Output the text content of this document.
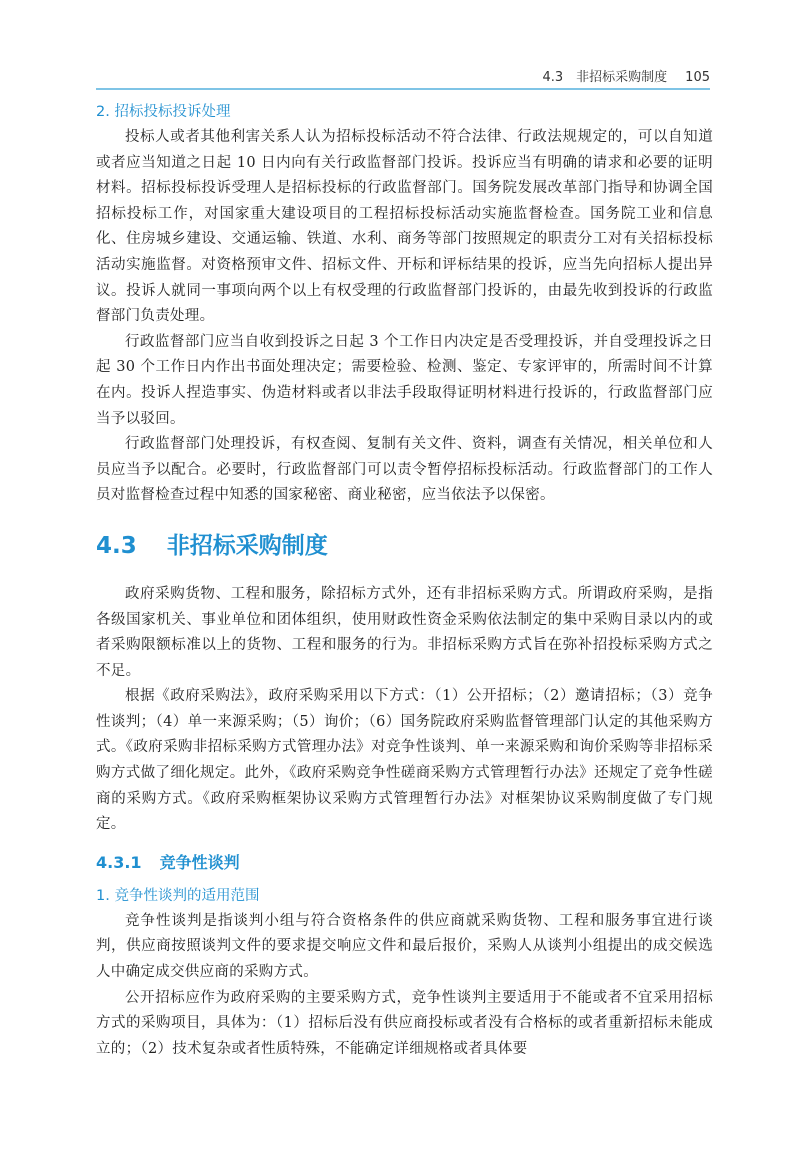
4.3　非招标采购制度 105
2. 招标投标投诉处理

投标人或者其他利害关系人认为招标投标活动不符合法律、行政法规规定的，可以自知道或者应当知道之日起 10 日内向有关行政监督部门投诉。投诉应当有明确的请求和必要的证明材料。招标投标投诉受理人是招标投标的行政监督部门。国务院发展改革部门指导和协调全国招标投标工作，对国家重大建设项目的工程招标投标活动实施监督检查。国务院工业和信息化、住房城乡建设、交通运输、铁道、水利、商务等部门按照规定的职责分工对有关招标投标活动实施监督。对资格预审文件、招标文件、开标和评标结果的投诉，应当先向招标人提出异议。投诉人就同一事项向两个以上有权受理的行政监督部门投诉的，由最先收到投诉的行政监督部门负责处理。

行政监督部门应当自收到投诉之日起 3 个工作日内决定是否受理投诉，并自受理投诉之日起 30 个工作日内作出书面处理决定；需要检验、检测、鉴定、专家评审的，所需时间不计算在内。投诉人捏造事实、伪造材料或者以非法手段取得证明材料进行投诉的，行政监督部门应当予以驳回。

行政监督部门处理投诉，有权查阅、复制有关文件、资料，调查有关情况，相关单位和人员应当予以配合。必要时，行政监督部门可以责令暂停招标投标活动。行政监督部门的工作人员对监督检查过程中知悉的国家秘密、商业秘密，应当依法予以保密。

4.3 非招标采购制度

政府采购货物、工程和服务，除招标方式外，还有非招标采购方式。所谓政府采购，是指各级国家机关、事业单位和团体组织，使用财政性资金采购依法制定的集中采购目录以内的或者采购限额标准以上的货物、工程和服务的行为。非招标采购方式旨在弥补招投标采购方式之不足。

根据《政府采购法》，政府采购采用以下方式：（1）公开招标；（2）邀请招标；（3）竞争性谈判；（4）单一来源采购；（5）询价；（6）国务院政府采购监督管理部门认定的其他采购方式。《政府采购非招标采购方式管理办法》对竞争性谈判、单一来源采购和询价采购等非招标采购方式做了细化规定。此外，《政府采购竞争性磋商采购方式管理暂行办法》还规定了竞争性磋商的采购方式。《政府采购框架协议采购方式管理暂行办法》对框架协议采购制度做了专门规定。

4.3.1 竞争性谈判
1. 竞争性谈判的适用范围

竞争性谈判是指谈判小组与符合资格条件的供应商就采购货物、工程和服务事宜进行谈判，供应商按照谈判文件的要求提交响应文件和最后报价，采购人从谈判小组提出的成交候选人中确定成交供应商的采购方式。

公开招标应作为政府采购的主要采购方式，竞争性谈判主要适用于不能或者不宜采用招标方式的采购项目，具体为：（1）招标后没有供应商投标或者没有合格标的或者重新招标未能成立的；（2）技术复杂或者性质特殊，不能确定详细规格或者具体要
